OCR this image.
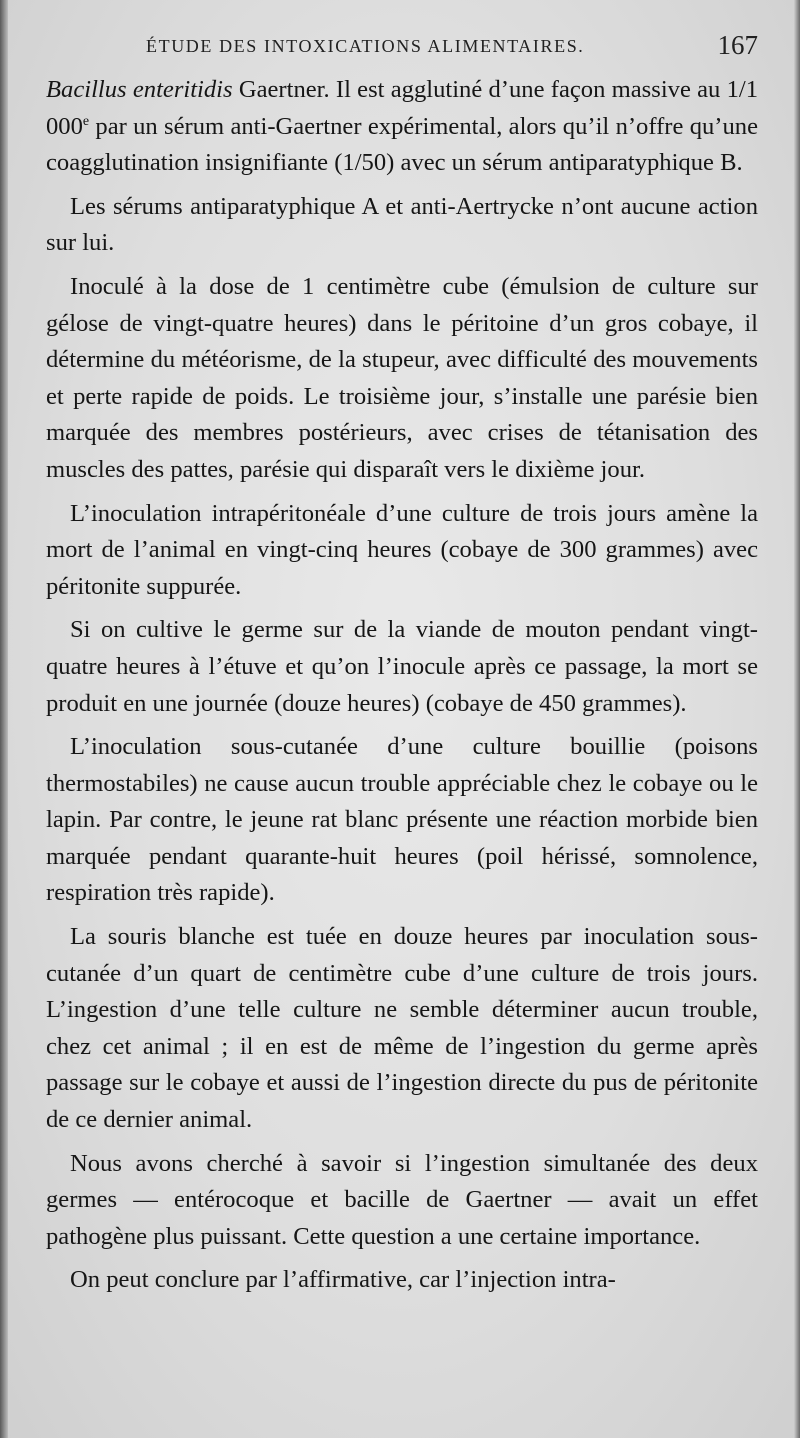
ÉTUDE DES INTOXICATIONS ALIMENTAIRES.	167

Bacillus enteritidis Gaertner. Il est agglutiné d’une façon massive au 1/1 000e par un sérum anti-Gaertner expérimental, alors qu’il n’offre qu’une coagglutination insignifiante (1/50) avec un sérum antiparatyphique B.

Les sérums antiparatyphique A et anti-Aertrycke n’ont aucune action sur lui.

Inoculé à la dose de 1 centimètre cube (émulsion de culture sur gélose de vingt-quatre heures) dans le péritoine d’un gros cobaye, il détermine du météorisme, de la stupeur, avec difficulté des mouvements et perte rapide de poids. Le troisième jour, s’installe une parésie bien marquée des membres postérieurs, avec crises de tétanisation des muscles des pattes, parésie qui disparaît vers le dixième jour.

L’inoculation intrapéritonéale d’une culture de trois jours amène la mort de l’animal en vingt-cinq heures (cobaye de 300 grammes) avec péritonite suppurée.

Si on cultive le germe sur de la viande de mouton pendant vingt-quatre heures à l’étuve et qu’on l’inocule après ce passage, la mort se produit en une journée (douze heures) (cobaye de 450 grammes).

L’inoculation sous-cutanée d’une culture bouillie (poisons thermostabiles) ne cause aucun trouble appréciable chez le cobaye ou le lapin. Par contre, le jeune rat blanc présente une réaction morbide bien marquée pendant quarante-huit heures (poil hérissé, somnolence, respiration très rapide).

La souris blanche est tuée en douze heures par inoculation sous-cutanée d’un quart de centimètre cube d’une culture de trois jours. L’ingestion d’une telle culture ne semble déterminer aucun trouble, chez cet animal ; il en est de même de l’ingestion du germe après passage sur le cobaye et aussi de l’ingestion directe du pus de péritonite de ce dernier animal.

Nous avons cherché à savoir si l’ingestion simultanée des deux germes — entérocoque et bacille de Gaertner — avait un effet pathogène plus puissant. Cette question a une certaine importance.

On peut conclure par l’affirmative, car l’injection intra-
